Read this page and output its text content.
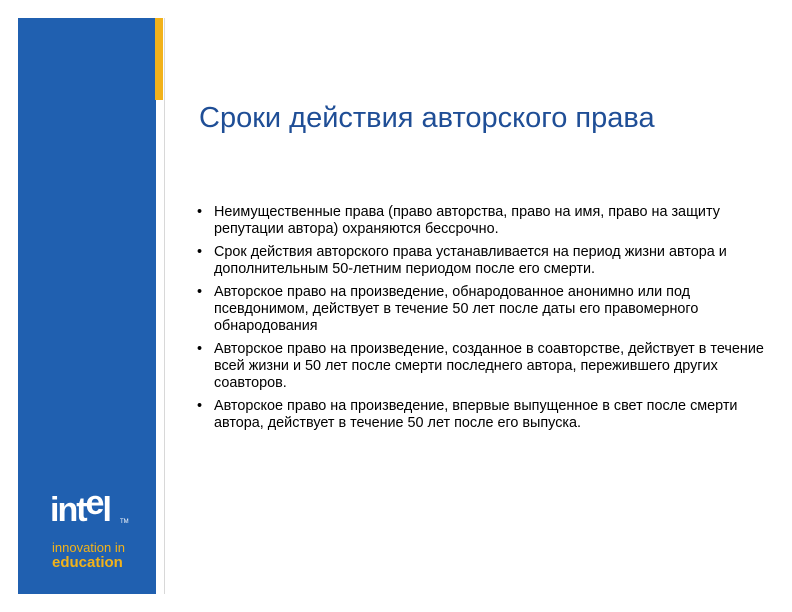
intel TM
innovation in
education
Сроки действия авторского права
• Неимущественные права (право авторства, право на имя, право на защиту репутации автора) охраняются бессрочно.
• Срок действия авторского права устанавливается на период жизни автора и дополнительным 50-летним периодом после его смерти.
• Авторское право на произведение, обнародованное анонимно или под псевдонимом, действует в течение 50 лет после даты его правомерного обнародования
• Авторское право на произведение, созданное в соавторстве, действует в течение всей жизни и 50 лет после смерти последнего автора, пережившего других соавторов.
• Авторское право на произведение, впервые выпущенное в свет после смерти автора, действует в течение 50 лет после его выпуска.
